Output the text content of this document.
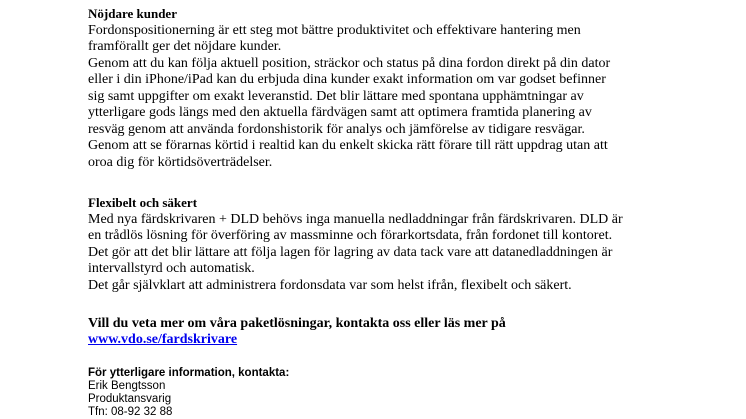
Nöjdare kunder

Fordonspositionerning är ett steg mot bättre produktivitet och effektivare hantering men

framförallt ger det nöjdare kunder.

Genom att du kan följa aktuell position, sträckor och status på dina fordon direkt på din dator

eller i din iPhone/iPad kan du erbjuda dina kunder exakt information om var godset befinner

sig samt uppgifter om exakt leveranstid. Det blir lättare med spontana upphämtningar av

ytterligare gods längs med den aktuella färdvägen samt att optimera framtida planering av

resväg genom att använda fordonshistorik för analys och jämförelse av tidigare resvägar.

Genom att se förarnas körtid i realtid kan du enkelt skicka rätt förare till rätt uppdrag utan att

oroa dig för körtidsöverträdelser.

Flexibelt och säkert

Med nya färdskrivaren + DLD behövs inga manuella nedladdningar från färdskrivaren. DLD är

en trådlös lösning för överföring av massminne och förarkortsdata, från fordonet till kontoret.

Det gör att det blir lättare att följa lagen för lagring av data tack vare att datanedladdningen är

intervallstyrd och automatisk.

Det går självklart att administrera fordonsdata var som helst ifrån, flexibelt och säkert.

Vill du veta mer om våra paketlösningar, kontakta oss eller läs mer på
www.vdo.se/fardskrivare

För ytterligare information, kontakta:

Erik Bengtsson

Produktansvarig

Tfn: 08-92 32 88
